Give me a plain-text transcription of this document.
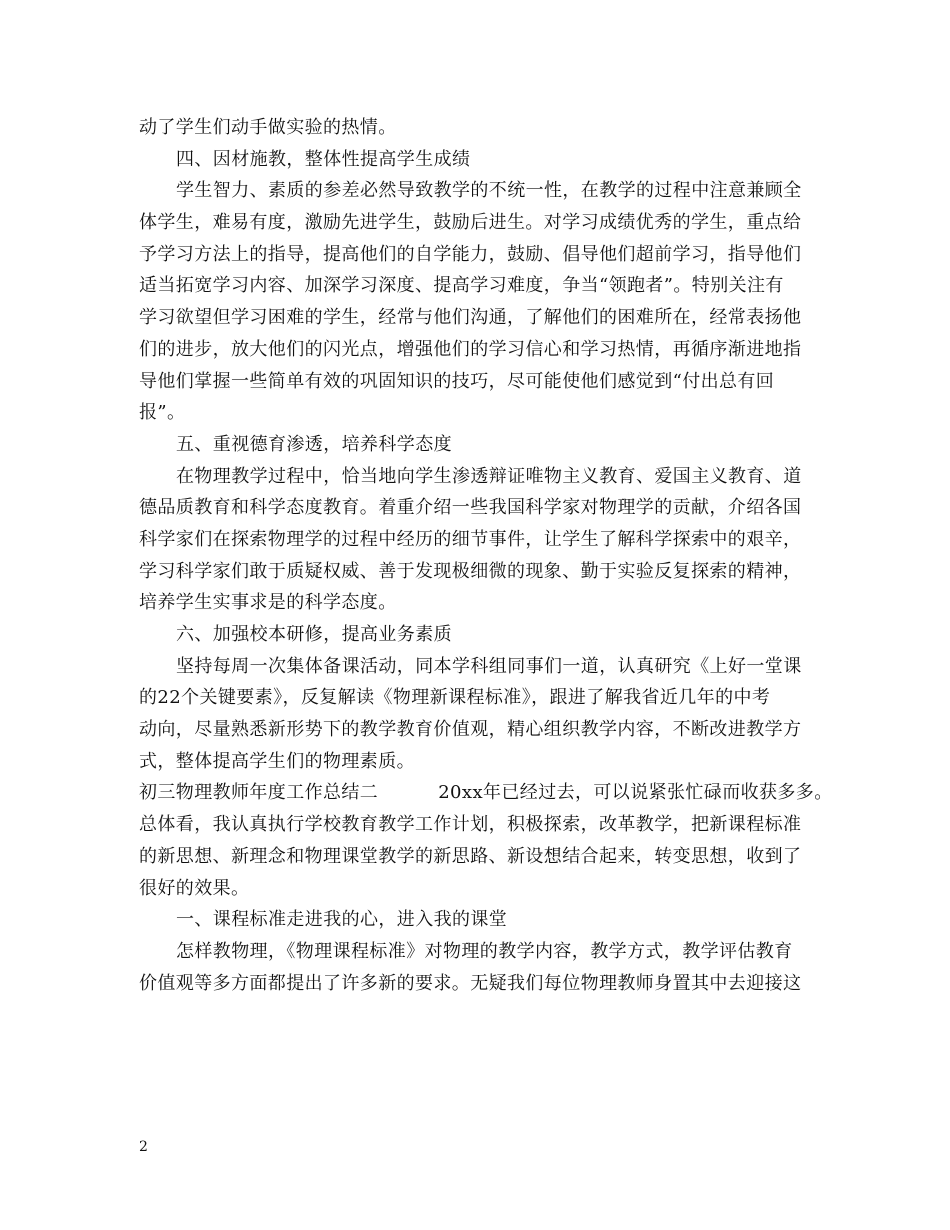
动了学生们动手做实验的热情。
四、因材施教，整体性提高学生成绩
学生智力、素质的参差必然导致教学的不统一性，在教学的过程中注意兼顾全
体学生，难易有度，激励先进学生，鼓励后进生。对学习成绩优秀的学生，重点给
予学习方法上的指导，提高他们的自学能力，鼓励、倡导他们超前学习，指导他们
适当拓宽学习内容、加深学习深度、提高学习难度，争当“领跑者”。特别关注有
学习欲望但学习困难的学生，经常与他们沟通，了解他们的困难所在，经常表扬他
们的进步，放大他们的闪光点，增强他们的学习信心和学习热情，再循序渐进地指
导他们掌握一些简单有效的巩固知识的技巧，尽可能使他们感觉到“付出总有回
报”。
五、重视德育渗透，培养科学态度
在物理教学过程中，恰当地向学生渗透辩证唯物主义教育、爱国主义教育、道
德品质教育和科学态度教育。着重介绍一些我国科学家对物理学的贡献，介绍各国
科学家们在探索物理学的过程中经历的细节事件，让学生了解科学探索中的艰辛，
学习科学家们敢于质疑权威、善于发现极细微的现象、勤于实验反复探索的精神，
培养学生实事求是的科学态度。
六、加强校本研修，提高业务素质
坚持每周一次集体备课活动，同本学科组同事们一道，认真研究《上好一堂课
的22个关键要素》，反复解读《物理新课程标准》，跟进了解我省近几年的中考
动向，尽量熟悉新形势下的教学教育价值观，精心组织教学内容，不断改进教学方
式，整体提高学生们的物理素质。
初三物理教师年度工作总结二	20xx年已经过去，可以说紧张忙碌而收获多多。
总体看，我认真执行学校教育教学工作计划，积极探索，改革教学，把新课程标准
的新思想、新理念和物理课堂教学的新思路、新设想结合起来，转变思想，收到了
很好的效果。
一、课程标准走进我的心，进入我的课堂
怎样教物理，《物理课程标准》对物理的教学内容，教学方式，教学评估教育
价值观等多方面都提出了许多新的要求。无疑我们每位物理教师身置其中去迎接这
2
